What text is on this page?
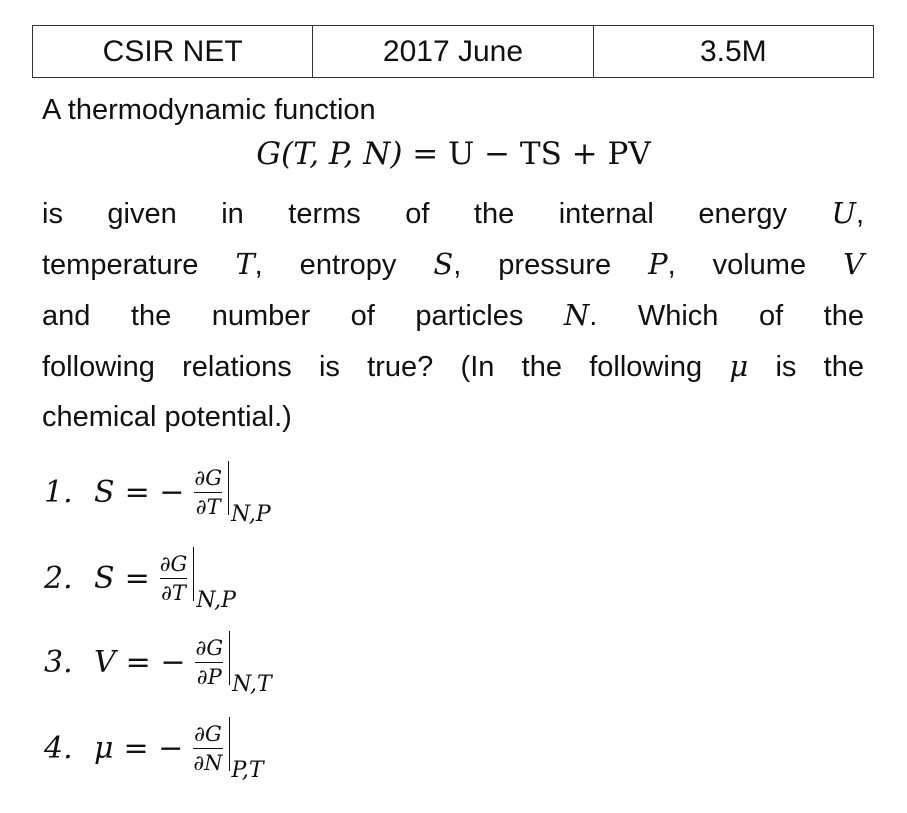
CSIR NET	2017 June	3.5M
A thermodynamic function
G(T, P, N) = U − TS + PV
is given in terms of the internal energy U,
temperature T, entropy S, pressure P, volume V
and the number of particles N. Which of the
following relations is true? (In the following μ is the
chemical potential.)
1. S = − $\frac{\partial G}{\partial T} N,P$
2. $S = \frac{\partial G}{\partial T} N,P$
3. V = − $\frac{\partial G}{\partial P} N,T$
4. μ = − $\frac{\partial G}{\partial N} P,T$
